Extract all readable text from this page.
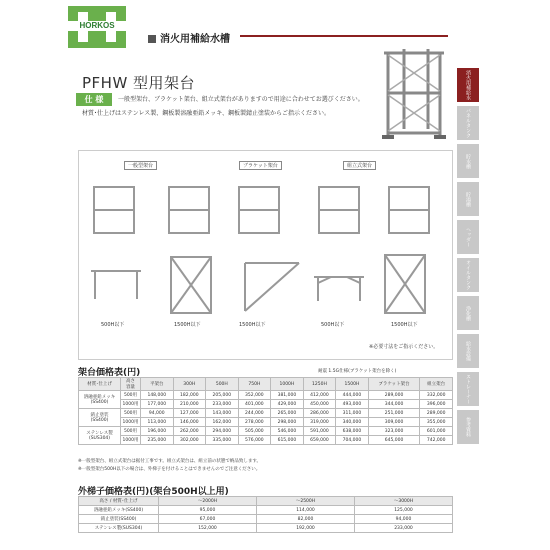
HORKOS
消火用補給水槽
PFHW 型用架台
仕 様	一般型架台、ブラケット架台、組立式架台がありますので用途に合わせてお選びください。
材質･仕上げはステンレス製、鋼板製溶融亜鉛メッキ、鋼板製錆止塗装からご指示ください。
消火用補給水槽
パネルタンク
貯水槽
貯湯槽
ヘッダー
オイルタンク
浄化槽
給水設備
ストレーナー
参考資料
一般型架台	ブラケット架台	組立式架台
500H以下	1500H以下	1500H以下	500H以下	1500H以下
※必要寸法をご指示ください。
架台価格表(円)	耐震 1.5G仕様(ブラケット架台を除く)
材質･仕上げ	高さ
容量	平架台	300H	500H	750H	1000H	1250H	1500H	ブラケット架台	組立架台

溶融亜鉛メッキ
(SS400)	500用	148,000	182,000	205,000	352,000	381,000	412,000	444,000	289,000	332,000
	1000用	177,000	210,000	233,000	401,000	429,000	450,000	493,000	344,000	396,000

錆止塗装
(SS400)	500用	94,000	127,000	143,000	244,000	265,000	286,000	311,000	251,000	289,000
	1000用	113,000	146,000	162,000	278,000	298,000	319,000	340,000	309,000	355,000

ステンレス製
(SUS304)	500用	196,000	262,000	294,000	505,000	546,000	591,000	638,000	323,000	601,000
	1000用	235,000	302,000	335,000	576,000	615,000	659,000	704,000	645,000	742,000
※一般型架台、組立式架台は据付工事です。組立式架台は、組立前の状態で納品致します。
※一般型架台500H以下の場合は、外梯子を付けることはできませんのでご注意ください。
外梯子価格表(円)(架台500H以上用)
高さ / 材質･仕上げ	～2000H	～2500H	～3000H
溶融亜鉛メッキ(SS400)	95,000	114,000	125,000
錆止塗装(SS400)	67,000	82,000	94,000
ステンレス製(SUS304)	152,000	192,000	233,000
